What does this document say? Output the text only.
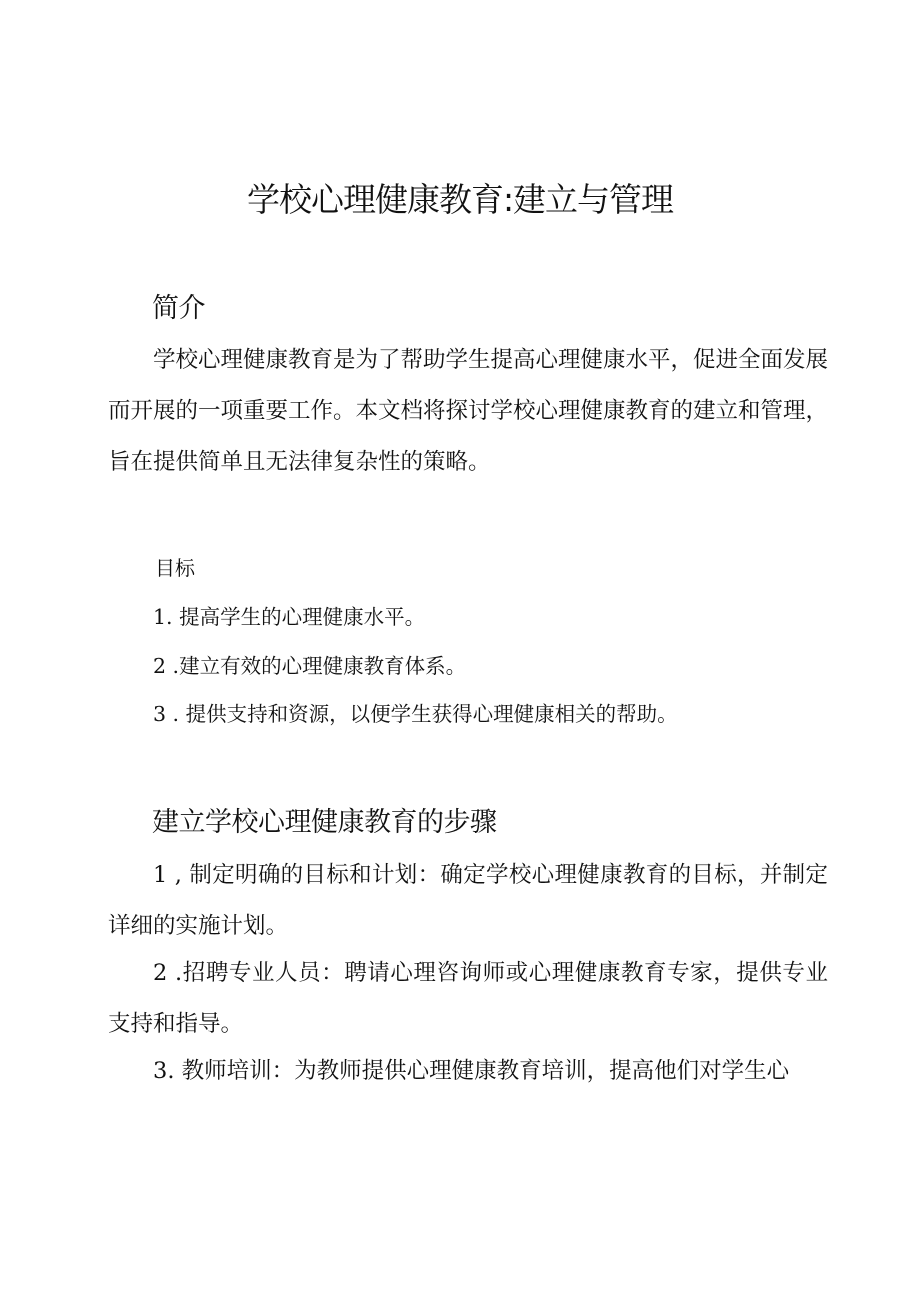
学校心理健康教育:建立与管理
简介

学校心理健康教育是为了帮助学生提高心理健康水平，促进全面发展而开展的一项重要工作。本文档将探讨学校心理健康教育的建立和管理，旨在提供简单且无法律复杂性的策略。

目标
1. 提高学生的心理健康水平。
2 .建立有效的心理健康教育体系。
3 . 提供支持和资源，以便学生获得心理健康相关的帮助。
建立学校心理健康教育的步骤

1 , 制定明确的目标和计划：确定学校心理健康教育的目标，并制定详细的实施计划。

2 .招聘专业人员：聘请心理咨询师或心理健康教育专家，提供专业支持和指导。

3. 教师培训：为教师提供心理健康教育培训，提高他们对学生心
